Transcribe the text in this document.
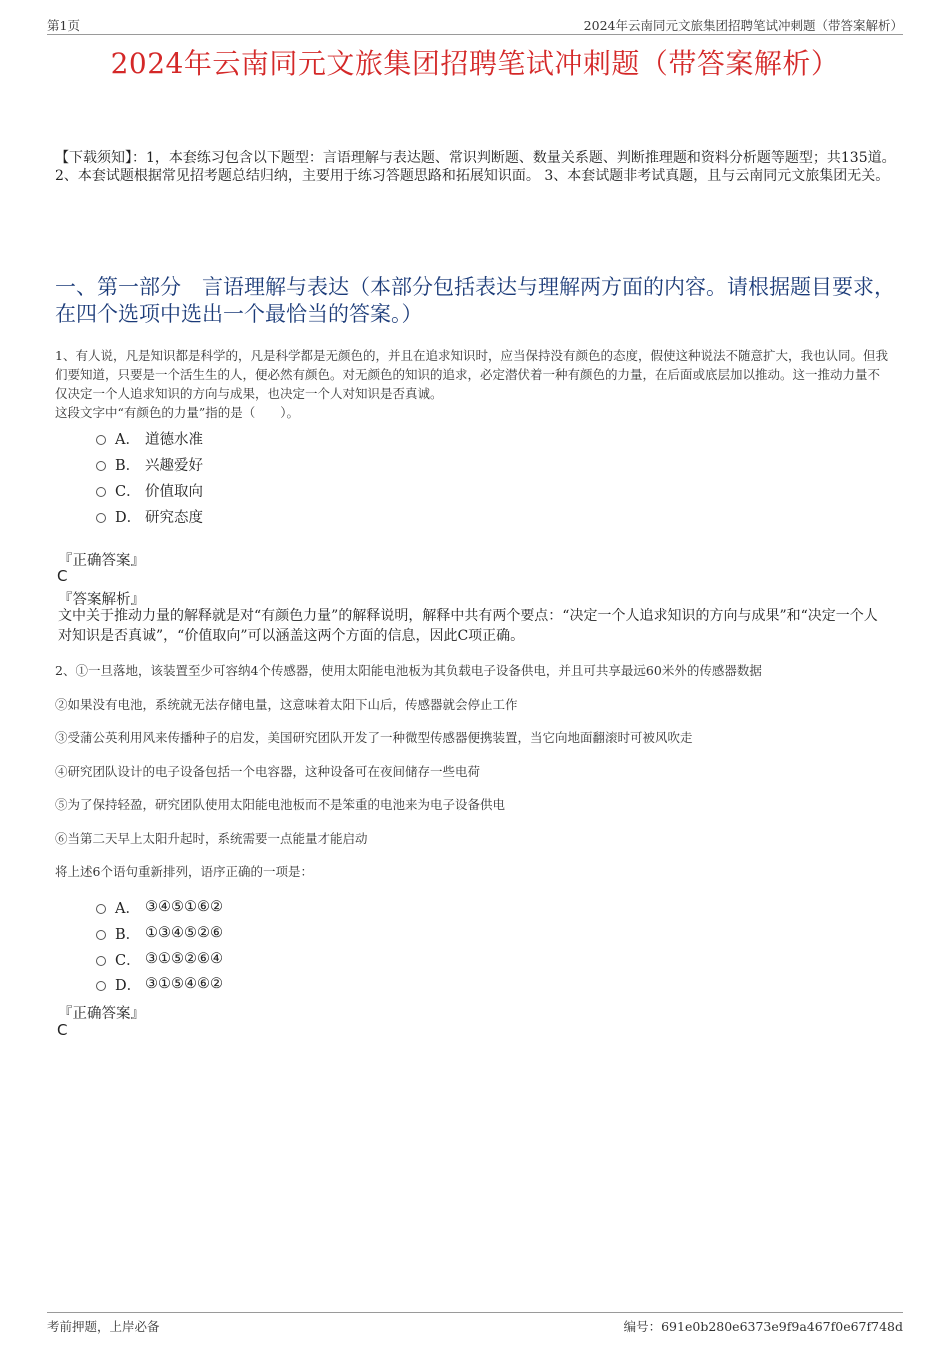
第1页	2024年云南同元文旅集团招聘笔试冲刺题（带答案解析）
2024年云南同元文旅集团招聘笔试冲刺题（带答案解析）
【下载须知】：1，本套练习包含以下题型：言语理解与表达题、常识判断题、数量关系题、判断推理题和资料分析题等题型；共135道。 2、本套试题根据常见招考题总结归纳，主要用于练习答题思路和拓展知识面。 3、本套试题非考试真题，且与云南同元文旅集团无关。
一、第一部分　言语理解与表达（本部分包括表达与理解两方面的内容。请根据题目要求，在四个选项中选出一个最恰当的答案。）
1、有人说，凡是知识都是科学的，凡是科学都是无颜色的，并且在追求知识时，应当保持没有颜色的态度，假使这种说法不随意扩大，我也认同。但我们要知道，只要是一个活生生的人，便必然有颜色。对无颜色的知识的追求，必定潜伏着一种有颜色的力量，在后面或底层加以推动。这一推动力量不仅决定一个人追求知识的方向与成果，也决定一个人对知识是否真诚。
这段文字中“有颜色的力量”指的是（　　）。
A． 道德水准
B． 兴趣爱好
C． 价值取向
D． 研究态度
『正确答案』
C
『答案解析』
文中关于推动力量的解释就是对“有颜色力量”的解释说明，解释中共有两个要点：“决定一个人追求知识的方向与成果”和“决定一个人对知识是否真诚”，“价值取向”可以涵盖这两个方面的信息，因此C项正确。
2、①一旦落地，该装置至少可容纳4个传感器，使用太阳能电池板为其负载电子设备供电，并且可共享最远60米外的传感器数据
②如果没有电池，系统就无法存储电量，这意味着太阳下山后，传感器就会停止工作
③受蒲公英利用风来传播种子的启发，美国研究团队开发了一种微型传感器便携装置，当它向地面翻滚时可被风吹走
④研究团队设计的电子设备包括一个电容器，这种设备可在夜间储存一些电荷
⑤为了保持轻盈，研究团队使用太阳能电池板而不是笨重的电池来为电子设备供电
⑥当第二天早上太阳升起时，系统需要一点能量才能启动
将上述6个语句重新排列，语序正确的一项是：
A． ③④⑤①⑥②
B． ①③④⑤②⑥
C． ③①⑤②⑥④
D． ③①⑤④⑥②
『正确答案』
C
考前押题，上岸必备	编号：691e0b280e6373e9f9a467f0e67f748d
